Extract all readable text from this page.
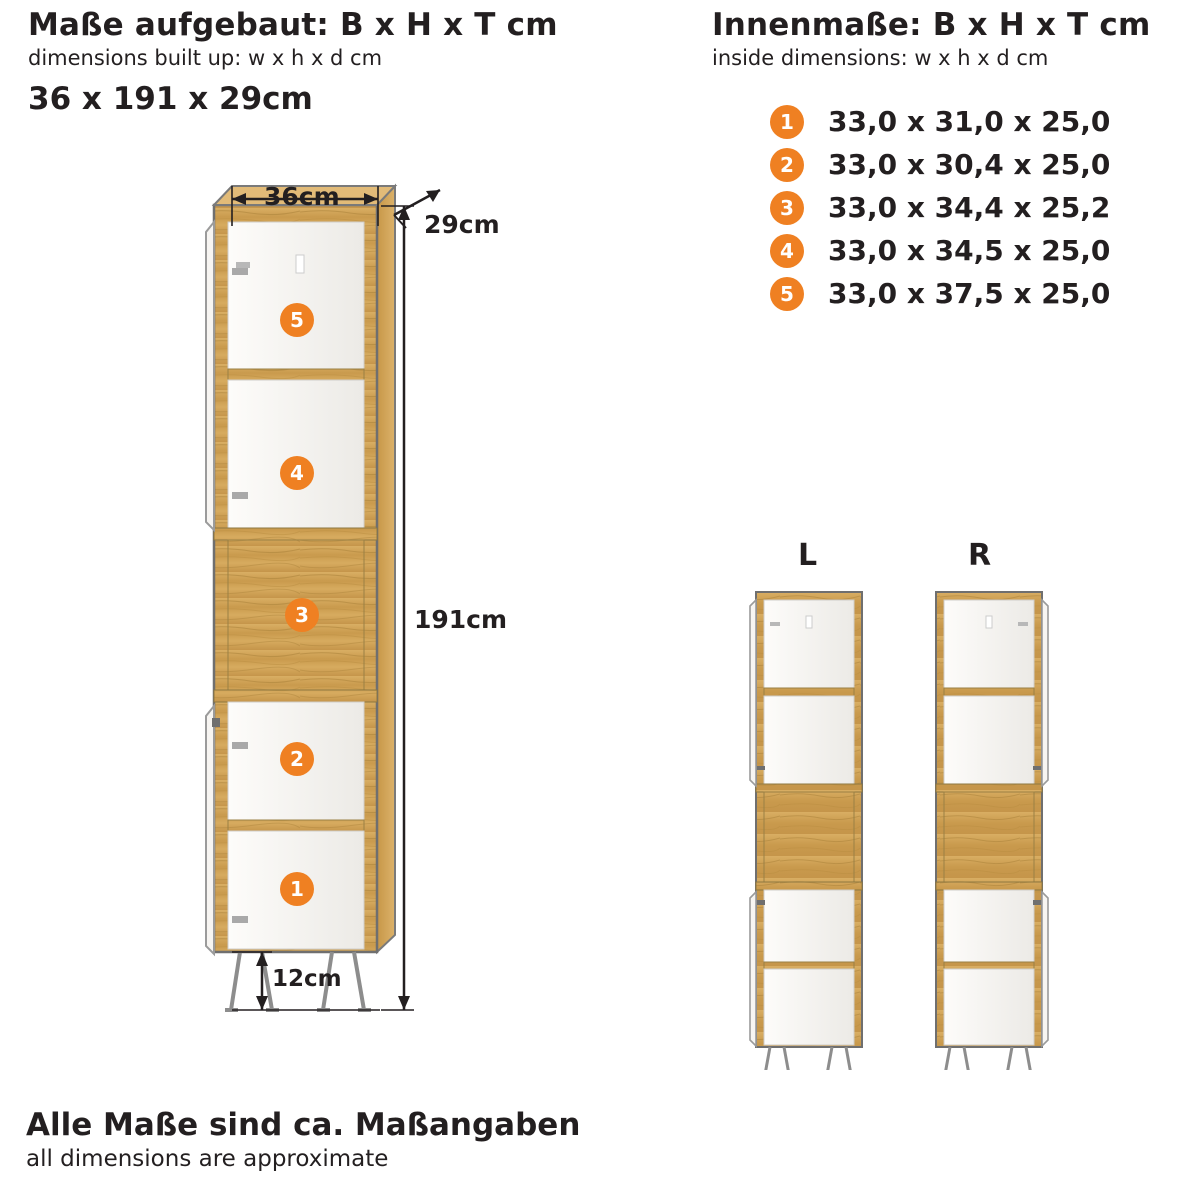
Maße aufgebaut: B x H x T cm
dimensions built up: w x h x d cm
36 x 191 x 29cm
Innenmaße: B x H x T cm
inside dimensions: w x h x d cm
1	33,0 x 31,0 x 25,0
2	33,0 x 30,4 x 25,0
3	33,0 x 34,4 x 25,2
4	33,0 x 34,5 x 25,0
5	33,0 x 37,5 x 25,0
5
4
3
2
1
36cm
29cm
191cm
12cm
L	R
Alle Maße sind ca. Maßangaben
all dimensions are approximate
